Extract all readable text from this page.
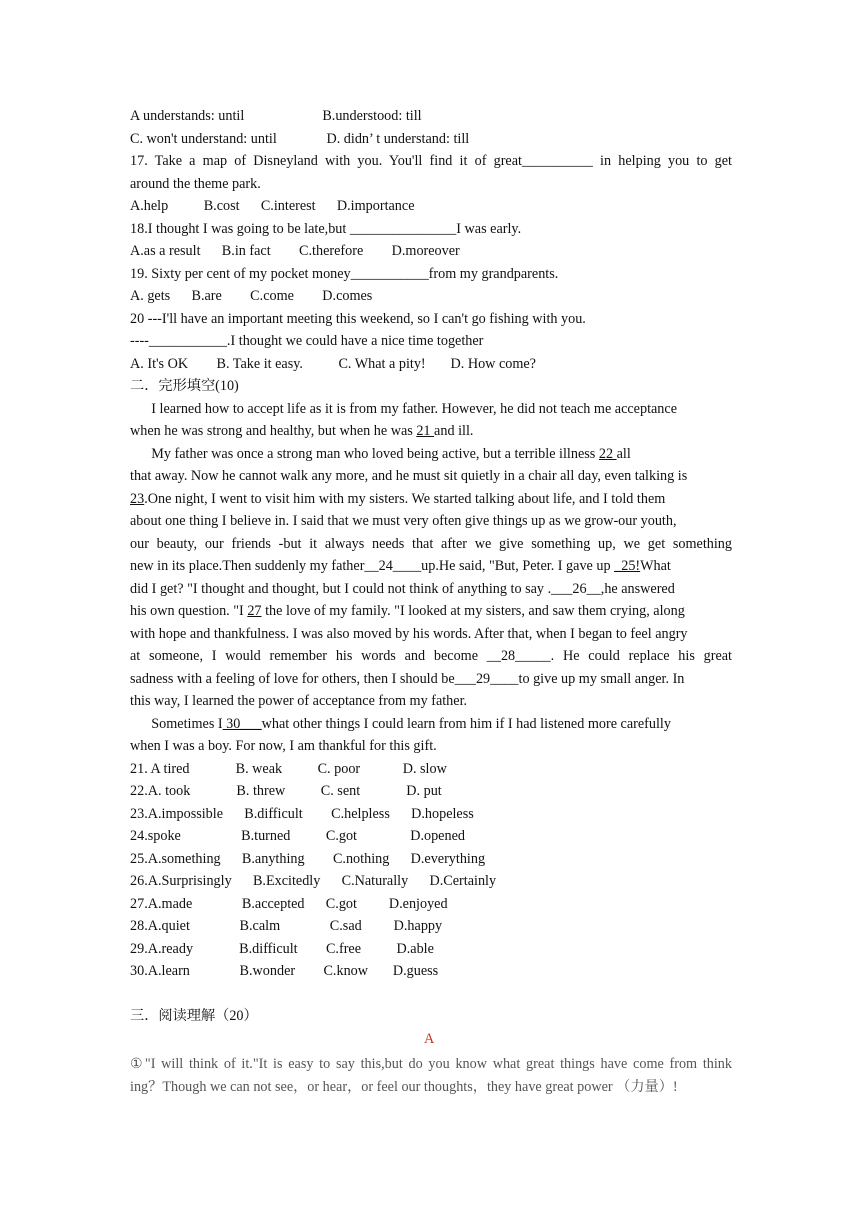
A understands: until                      B.understood: till
C. won't understand: until              D. didn’ t understand: till
17. Take a map of Disneyland with you. You'll find it of great__________ in helping you to get
around the theme park.
A.help          B.cost      C.interest      D.importance
18.I thought I was going to be late,but _______________I was early.
A.as a result      B.in fact        C.therefore        D.moreover
19. Sixty per cent of my pocket money___________from my grandparents.
A. gets      B.are        C.come        D.comes
20 ---I'll have an important meeting this weekend, so I can't go fishing with you.
----___________.I thought we could have a nice time together
A. It's OK        B. Take it easy.          C. What a pity!       D. How come?
二．完形填空(10)
I learned how to accept life as it is from my father. However, he did not teach me acceptance
when he was strong and healthy, but when he was 21 and ill.
My father was once a strong man who loved being active, but a terrible illness 22 all
that away. Now he cannot walk any more, and he must sit quietly in a chair all day, even talking is
23.One night, I went to visit him with my sisters. We started talking about life, and I told them
about one thing I believe in. I said that we must very often give things up as we grow-our youth,
our beauty, our friends -but it always needs that after we give something up, we get something
new in its place.Then suddenly my father__24____up.He said, "But, Peter. I gave up _25!What
did I get? "I thought and thought, but I could not think of anything to say .___26__,he answered
his own question. "I 27 the love of my family. "I looked at my sisters, and saw them crying, along
with hope and thankfulness. I was also moved by his words. After that, when I began to feel angry
at someone, I would remember his words and become __28_____. He could replace his great
sadness with a feeling of love for others, then I should be___29____to give up my small anger. In
this way, I learned the power of acceptance from my father.
Sometimes I 30___what other things I could learn from him if I had listened more carefully
when I was a boy. For now, I am thankful for this gift.
21. A tired             B. weak          C. poor            D. slow
22.A. took             B. threw          C. sent             D. put
23.A.impossible      B.difficult        C.helpless      D.hopeless
24.spoke                 B.turned          C.got               D.opened
25.A.something      B.anything        C.nothing      D.everything
26.A.Surprisingly      B.Excitedly      C.Naturally      D.Certainly
27.A.made              B.accepted      C.got         D.enjoyed
28.A.quiet              B.calm              C.sad         D.happy
29.A.ready             B.difficult        C.free          D.able
30.A.learn              B.wonder        C.know       D.guess
三．阅读理解（20）
A
①"I will think of it."It is easy to say this,but do you know what great things have come from think
ing？Though we can not see，or hear，or feel our thoughts，they have great power （力量）!
